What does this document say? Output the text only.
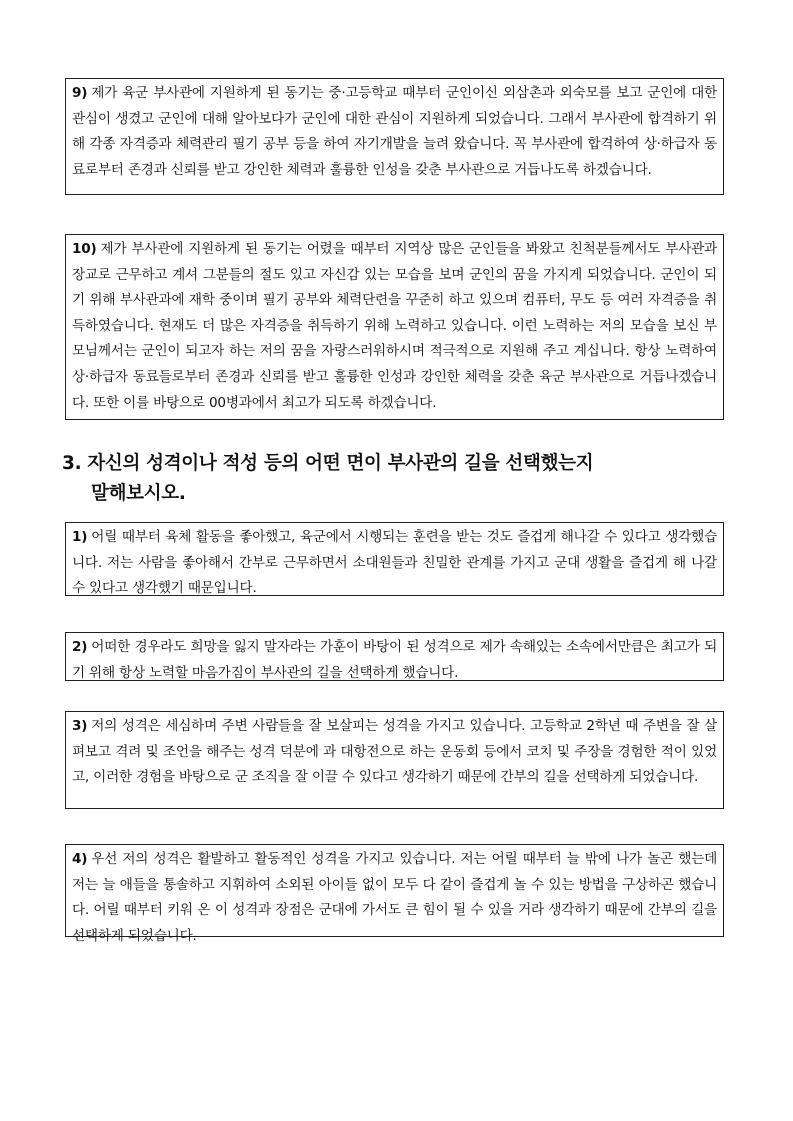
9) 제가 육군 부사관에 지원하게 된 동기는 중·고등학교 때부터 군인이신 외삼촌과 외숙모를 보고 군인에 대한 관심이 생겼고 군인에 대해 알아보다가 군인에 대한 관심이 지원하게 되었습니다. 그래서 부사관에 합격하기 위해 각종 자격증과 체력관리 필기 공부 등을 하여 자기개발을 늘려 왔습니다. 꼭 부사관에 합격하여 상·하급자 동료로부터 존경과 신뢰를 받고 강인한 체력과 훌륭한 인성을 갖춘 부사관으로 거듭나도록 하겠습니다.
10) 제가 부사관에 지원하게 된 동기는 어렸을 때부터 지역상 많은 군인들을 봐왔고 친척분들께서도 부사관과 장교로 근무하고 계셔 그분들의 절도 있고 자신감 있는 모습을 보며 군인의 꿈을 가지게 되었습니다. 군인이 되기 위해 부사관과에 재학 중이며 필기 공부와 체력단련을 꾸준히 하고 있으며 컴퓨터, 무도 등 여러 자격증을 취득하였습니다. 현재도 더 많은 자격증을 취득하기 위해 노력하고 있습니다. 이런 노력하는 저의 모습을 보신 부모님께서는 군인이 되고자 하는 저의 꿈을 자랑스러워하시며 적극적으로 지원해 주고 계십니다. 항상 노력하여 상·하급자 동료들로부터 존경과 신뢰를 받고 훌륭한 인성과 강인한 체력을 갖춘 육군 부사관으로 거듭나겠습니다. 또한 이를 바탕으로 00병과에서 최고가 되도록 하겠습니다.
3. 자신의 성격이나 적성 등의 어떤 면이 부사관의 길을 선택했는지
말해보시오.
1) 어릴 때부터 육체 활동을 좋아했고, 육군에서 시행되는 훈련을 받는 것도 즐겁게 해나갈 수 있다고 생각했습니다. 저는 사람을 좋아해서 간부로 근무하면서 소대원들과 친밀한 관계를 가지고 군대 생활을 즐겁게 해 나갈 수 있다고 생각했기 때문입니다.
2) 어떠한 경우라도 희망을 잃지 말자라는 가훈이 바탕이 된 성격으로 제가 속해있는 소속에서만큼은 최고가 되기 위해 항상 노력할 마음가짐이 부사관의 길을 선택하게 했습니다.
3) 저의 성격은 세심하며 주변 사람들을 잘 보살피는 성격을 가지고 있습니다. 고등학교 2학년 때 주변을 잘 살펴보고 격려 및 조언을 해주는 성격 덕분에 과 대항전으로 하는 운동회 등에서 코치 및 주장을 경험한 적이 있었고, 이러한 경험을 바탕으로 군 조직을 잘 이끌 수 있다고 생각하기 때문에 간부의 길을 선택하게 되었습니다.
4) 우선 저의 성격은 활발하고 활동적인 성격을 가지고 있습니다. 저는 어릴 때부터 늘 밖에 나가 놀곤 했는데 저는 늘 애들을 통솔하고 지휘하여 소외된 아이들 없이 모두 다 같이 즐겁게 놀 수 있는 방법을 구상하곤 했습니다. 어릴 때부터 키워 온 이 성격과 장점은 군대에 가서도 큰 힘이 될 수 있을 거라 생각하기 때문에 간부의 길을 선택하게 되었습니다.
